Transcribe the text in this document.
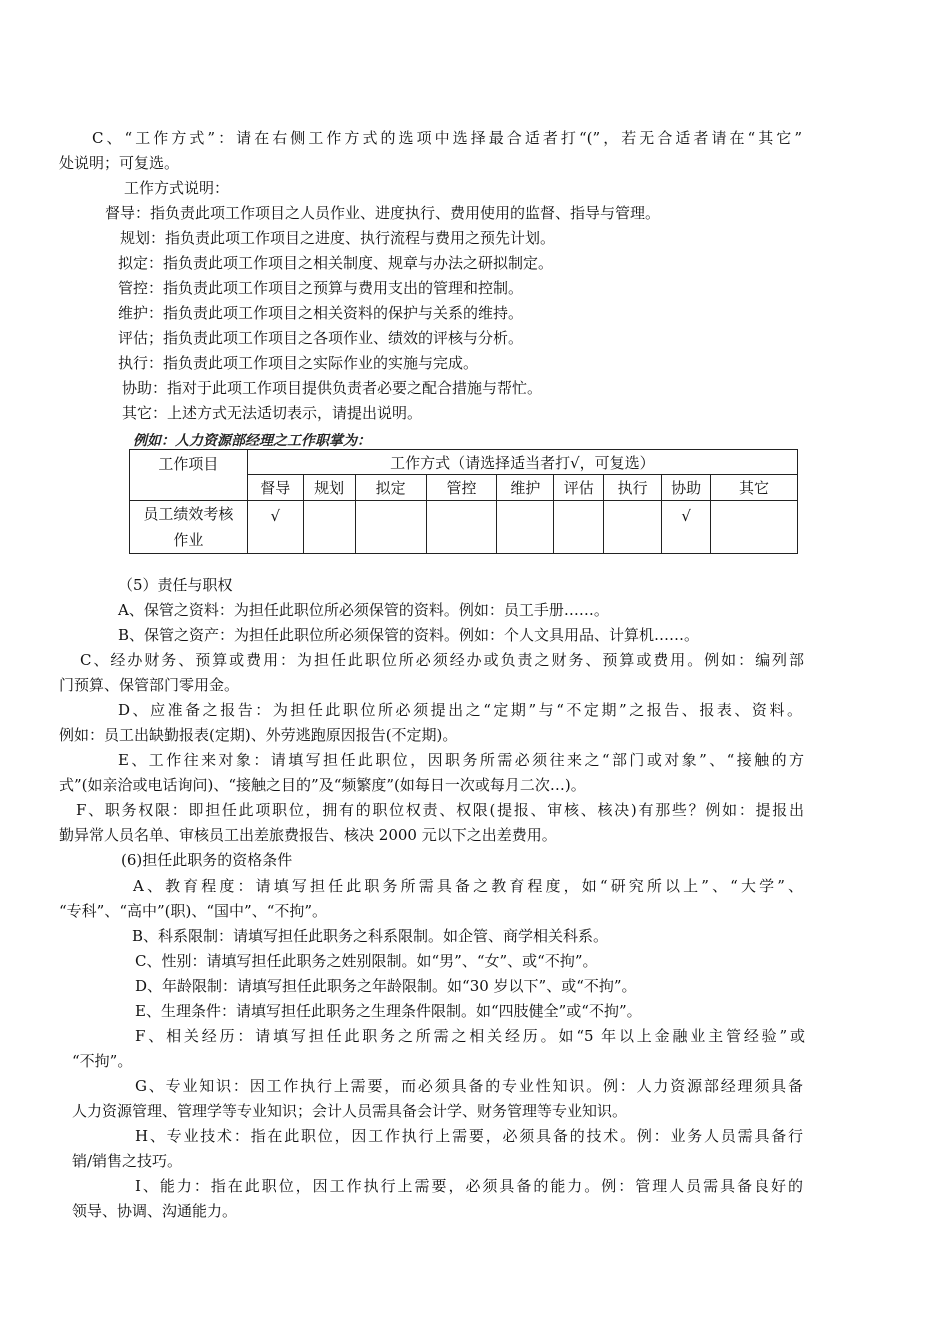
C、“工作方式”：请在右侧工作方式的选项中选择最合适者打“(”，若无合适者请在“其它”
处说明；可复选。
工作方式说明：
督导：指负责此项工作项目之人员作业、进度执行、费用使用的监督、指导与管理。
规划：指负责此项工作项目之进度、执行流程与费用之预先计划。
拟定：指负责此项工作项目之相关制度、规章与办法之研拟制定。
管控：指负责此项工作项目之预算与费用支出的管理和控制。
维护：指负责此项工作项目之相关资料的保护与关系的维持。
评估；指负责此项工作项目之各项作业、绩效的评核与分析。
执行：指负责此项工作项目之实际作业的实施与完成。
协助：指对于此项工作项目提供负责者必要之配合措施与帮忙。
其它：上述方式无法适切表示，请提出说明。
例如：人力资源部经理之工作职掌为：
工作项目	工作方式（请选择适当者打√，可复选）								
	督导	规划	拟定	管控	维护	评估	执行	协助	其它

员工绩效考核
作业	√							√	
（5）责任与职权
A、保管之资料：为担任此职位所必须保管的资料。例如：员工手册……。
B、保管之资产：为担任此职位所必须保管的资料。例如：个人文具用品、计算机……。
C、经办财务、预算或费用：为担任此职位所必须经办或负责之财务、预算或费用。例如：编列部
门预算、保管部门零用金。
D、应准备之报告：为担任此职位所必须提出之“定期”与“不定期”之报告、报表、资料。
例如：员工出缺勤报表(定期)、外劳逃跑原因报告(不定期)。
E、工作往来对象：请填写担任此职位，因职务所需必须往来之“部门或对象”、“接触的方
式”(如亲洽或电话询问)、“接触之目的”及“频繁度”(如每日一次或每月二次…)。
F、职务权限：即担任此项职位，拥有的职位权责、权限(提报、审核、核决)有那些？例如：提报出
勤异常人员名单、审核员工出差旅费报告、核决 2000 元以下之出差费用。
(6)担任此职务的资格条件
A、教育程度：请填写担任此职务所需具备之教育程度，如“研究所以上”、“大学”、
“专科”、“高中”(职)、“国中”、“不拘”。
B、科系限制：请填写担任此职务之科系限制。如企管、商学相关科系。
C、性别：请填写担任此职务之姓别限制。如“男”、“女”、或“不拘”。
D、年龄限制：请填写担任此职务之年龄限制。如“30 岁以下”、或“不拘”。
E、生理条件：请填写担任此职务之生理条件限制。如“四肢健全”或“不拘”。
F、相关经历：请填写担任此职务之所需之相关经历。如“5 年以上金融业主管经验”或
“不拘”。
G、专业知识：因工作执行上需要，而必须具备的专业性知识。例：人力资源部经理须具备
人力资源管理、管理学等专业知识；会计人员需具备会计学、财务管理等专业知识。
H、专业技术：指在此职位，因工作执行上需要，必须具备的技术。例：业务人员需具备行
销/销售之技巧。
I、能力：指在此职位，因工作执行上需要，必须具备的能力。例：管理人员需具备良好的
领导、协调、沟通能力。
